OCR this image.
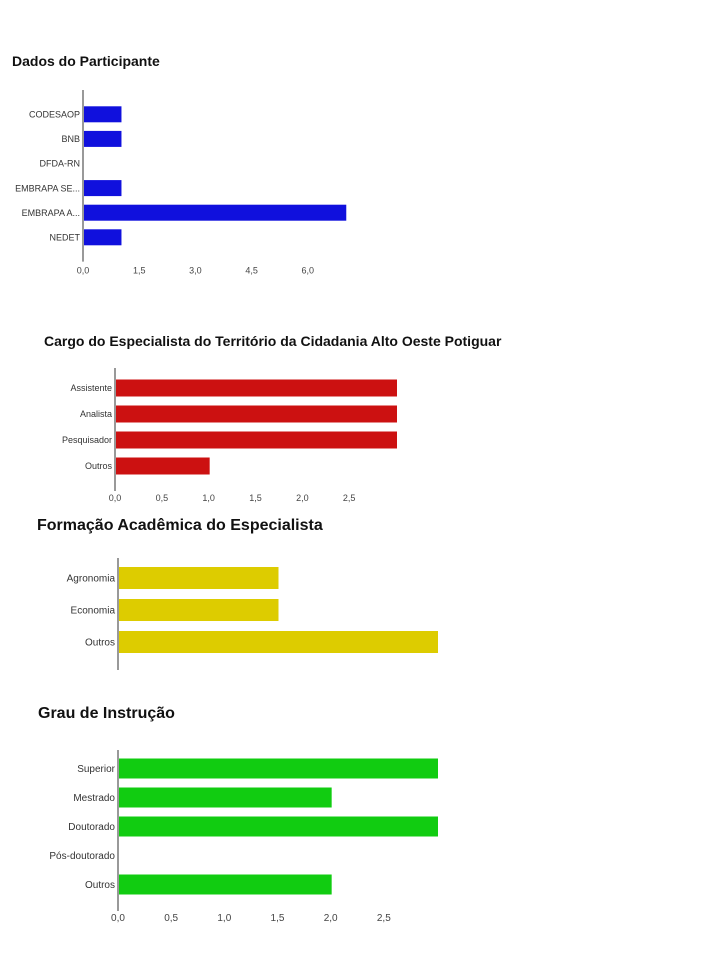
Dados do Participante
CODESAOP
BNB
DFDA-RN
EMBRAPA SE...
EMBRAPA A...
NEDET
0,0	1,5	3,0	4,5	6,0

Cargo do Especialista do Território da Cidadania Alto Oeste Potiguar
Assistente
Analista
Pesquisador
Outros
0,0	0,5	1,0	1,5	2,0	2,5

Formação Acadêmica do Especialista
Agronomia
Economia
Outros

Grau de Instrução
Superior
Mestrado
Doutorado
Pós-doutorado
Outros
0,0	0,5	1,0	1,5	2,0	2,5
